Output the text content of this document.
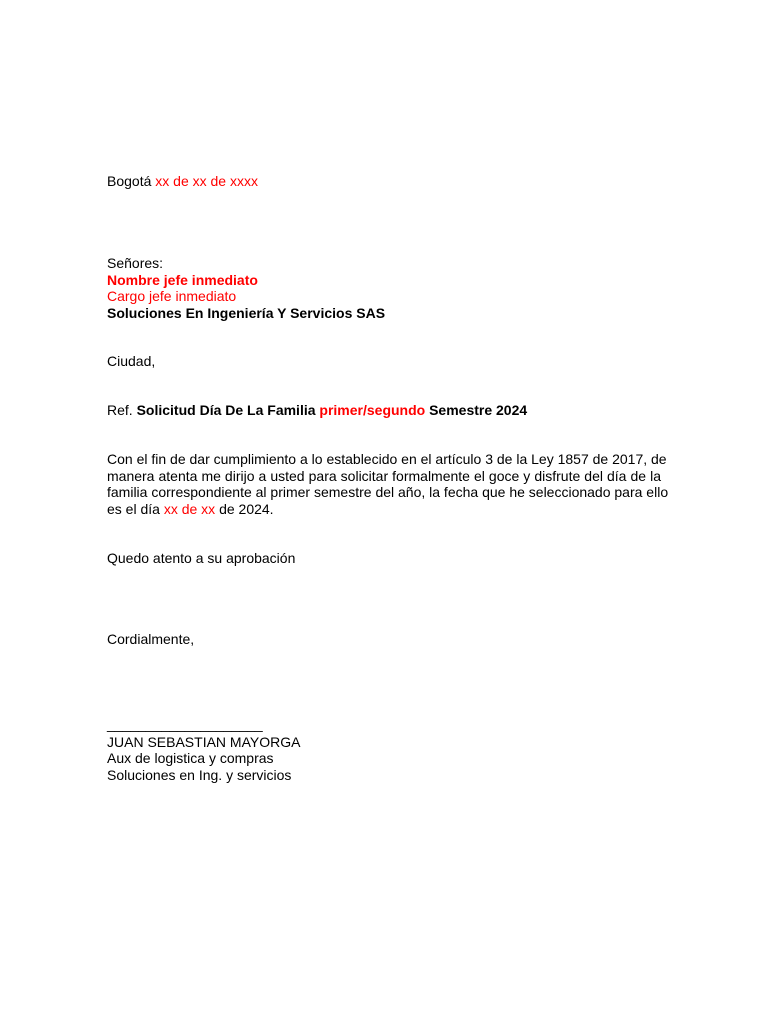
Bogotá xx de xx de xxxx
Señores:
Nombre jefe inmediato
Cargo jefe inmediato
Soluciones En Ingeniería Y Servicios SAS
Ciudad,
Ref. Solicitud Día De La Familia primer/segundo Semestre 2024
Con el fin de dar cumplimiento a lo establecido en el artículo 3 de la Ley 1857 de 2017, de
manera atenta me dirijo a usted para solicitar formalmente el goce y disfrute del día de la
familia correspondiente al primer semestre del año, la fecha que he seleccionado para ello
es el día xx de xx de 2024.
Quedo atento a su aprobación
Cordialmente,
____________________
JUAN SEBASTIAN MAYORGA
Aux de logistica y compras
Soluciones en Ing. y servicios
